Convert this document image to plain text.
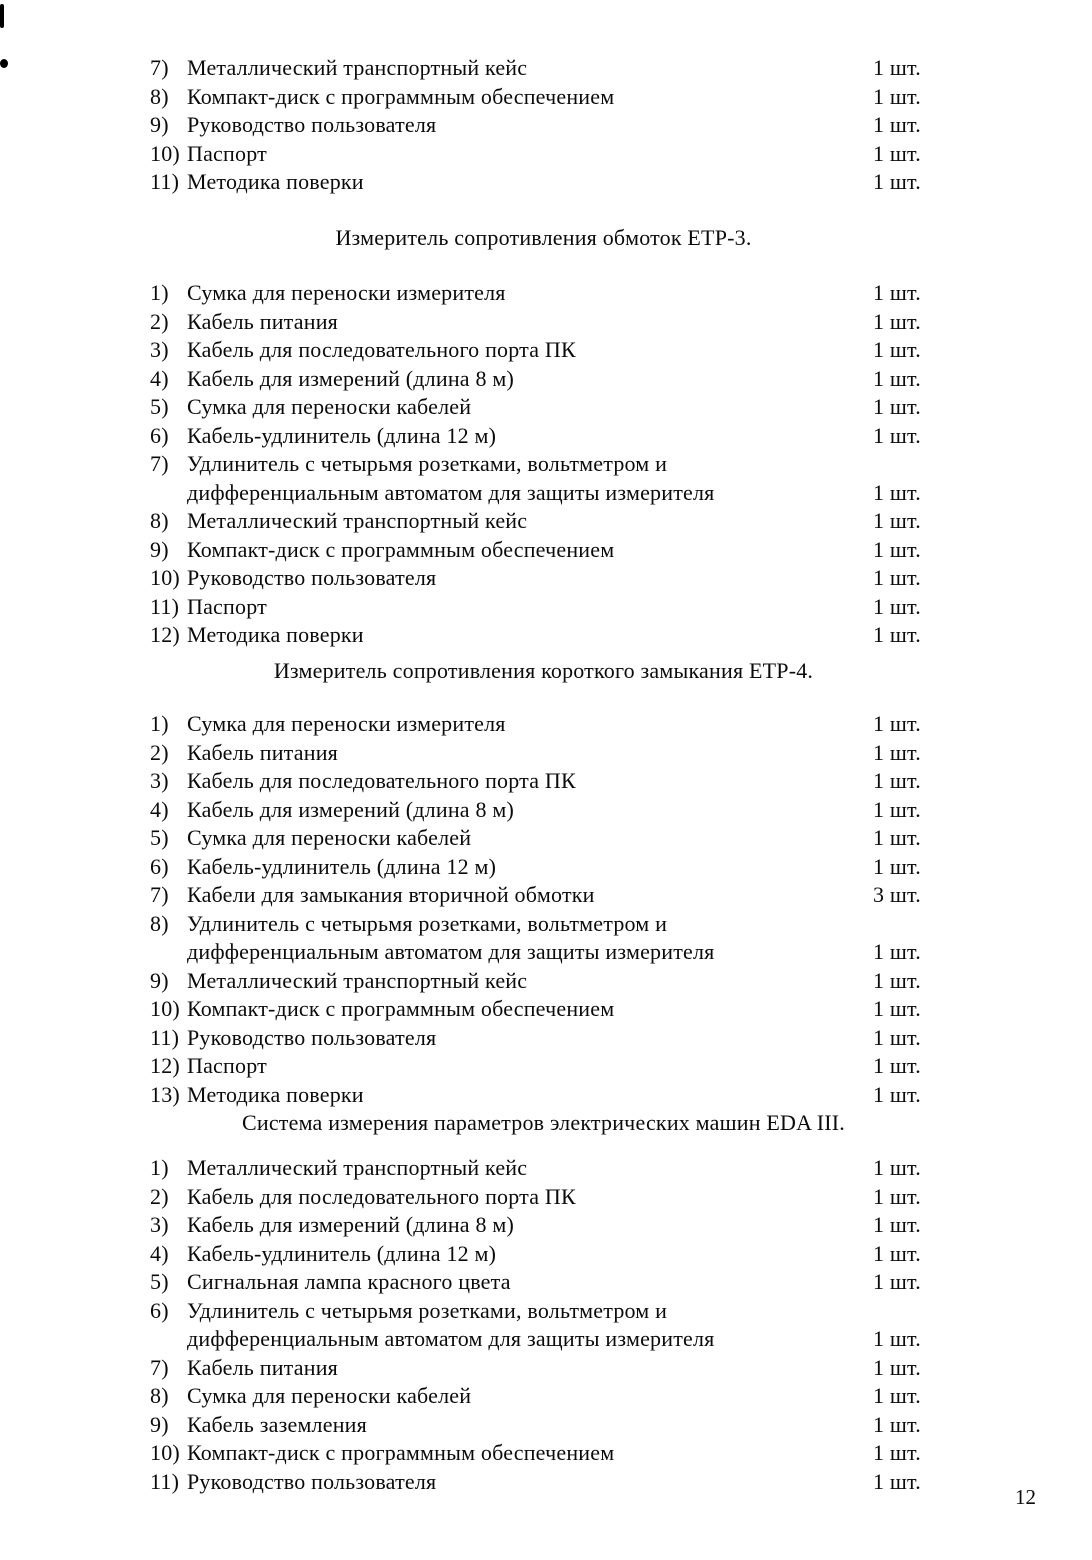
7) Металлический транспортный кейс	1 шт.
8) Компакт-диск с программным обеспечением	1 шт.
9) Руководство пользователя	1 шт.
10) Паспорт	1 шт.
11) Методика поверки	1 шт.
Измеритель сопротивления обмоток ЕТР-3.
1) Сумка для переноски измерителя	1 шт.
2) Кабель питания	1 шт.
3) Кабель для последовательного порта ПК	1 шт.
4) Кабель для измерений (длина 8 м)	1 шт.
5) Сумка для переноски кабелей	1 шт.
6) Кабель-удлинитель (длина 12 м)	1 шт.
7) Удлинитель с четырьмя розетками, вольтметром и
дифференциальным автоматом для защиты измерителя	1 шт.
8) Металлический транспортный кейс	1 шт.
9) Компакт-диск с программным обеспечением	1 шт.
10) Руководство пользователя	1 шт.
11) Паспорт	1 шт.
12) Методика поверки	1 шт.
Измеритель сопротивления короткого замыкания ЕТР-4.
1) Сумка для переноски измерителя	1 шт.
2) Кабель питания	1 шт.
3) Кабель для последовательного порта ПК	1 шт.
4) Кабель для измерений (длина 8 м)	1 шт.
5) Сумка для переноски кабелей	1 шт.
6) Кабель-удлинитель (длина 12 м)	1 шт.
7) Кабели для замыкания вторичной обмотки	3 шт.
8) Удлинитель с четырьмя розетками, вольтметром и
дифференциальным автоматом для защиты измерителя	1 шт.
9) Металлический транспортный кейс	1 шт.
10) Компакт-диск с программным обеспечением	1 шт.
11) Руководство пользователя	1 шт.
12) Паспорт	1 шт.
13) Методика поверки	1 шт.
Система измерения параметров электрических машин EDA III.
1) Металлический транспортный кейс	1 шт.
2) Кабель для последовательного порта ПК	1 шт.
3) Кабель для измерений (длина 8 м)	1 шт.
4) Кабель-удлинитель (длина 12 м)	1 шт.
5) Сигнальная лампа красного цвета	1 шт.
6) Удлинитель с четырьмя розетками, вольтметром и
дифференциальным автоматом для защиты измерителя	1 шт.
7) Кабель питания	1 шт.
8) Сумка для переноски кабелей	1 шт.
9) Кабель заземления	1 шт.
10) Компакт-диск с программным обеспечением	1 шт.
11) Руководство пользователя	1 шт.
12
